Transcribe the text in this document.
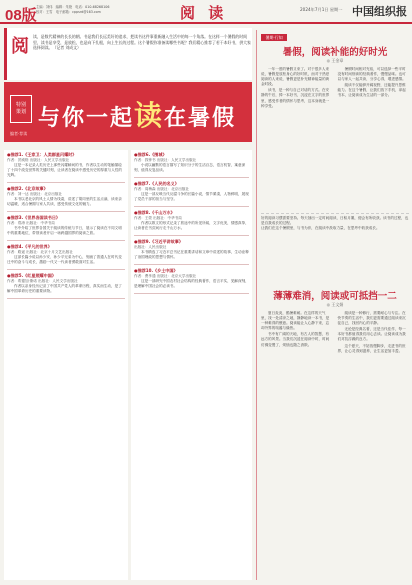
08版 主编：刘伟   编辑：朱艳   电话：010-68268106
校对：王雪   电子邮箱：cppsrd@163.com	阅 读	2024年7月1日 星期一 中国组织报
阅 读，是数代精神的长长的朝。书是我们长远美好的追求，把读书这件事重新融入生活中的每一个角落。在这样一个暑假的时间里，读书是享受，是放松，也是向下扎根，向上生长的过程。这个暑假你准备读哪些书呢？我们精心推荐了若干本好书，供大家选择阅读。（记者 刘成文）
特别
策划 与你一起读在暑假
编者·荐读
●推荐1.《王家卫：人类群星闪耀时》
作者：茨威格 出版社：人民文学出版社
这是一本记录人类历史上那些闪耀瞬间的书，作者以生动的笔触描绘了十四个改变世界的关键时刻，让读者在阅读中感受历史的厚重与人性的光辉。
●推荐2.《北京故事》
作者：刘一达 出版社：北京出版社
本书以老北京的风土人情为线索，讲述了胡同里的生活点滴，读来亲切温暖，适合暑期与家人共读，感受传统文化的魅力。
●推荐3.《世界各国读书日》
作者：郑涛 出版社：中华书局
书中介绍了世界各国关于阅读的传统与节日，展示了阅读在不同文明中的重要地位，带领读者开启一场跨越国界的阅读之旅。
●推荐4.《平凡的世界》
作者：路遥 出版社：北京十月文艺出版社
这部长篇小说以孙少安、孙少平兄弟为中心，刻画了普通人在时代变迁中的奋斗与成长，激励一代又一代读者勇敢面对生活。
●推荐5.《红星照耀中国》
作者：埃德加·斯诺 出版社：人民文学出版社
作者以亲身经历记录了中国共产党人的革命历程，真实而生动，是了解中国革命历史的重要读物。
●推荐6.《围城》
作者：钱钟书 出版社：人民文学出版社
小说以幽默的语言描写了知识分子的生活百态，语言机智，寓意深刻，值得反复品读。
●推荐7.《人民的名义》
作者：周梅森 出版社：北京出版社
这是一部反映当代反腐斗争的长篇小说，情节紧凑，人物鲜明，展现了党员干部的担当与坚守。
●推荐8.《千山万水》
作者：王蒙 出版社：中华书局
作者以散文的形式记录了旅途中的所见所闻，文字优美，情感真挚，让读者在书页间行走千山万水。
●推荐9.《习近平讲故事》
出版社：人民出版社
本书精选了习近平总书记在重要讲话和文章中讲述的故事，生动诠释了治国理政的思想与情怀。
●推荐10.《乡土中国》
作者：费孝通 出版社：北京大学出版社
这是一部研究中国农村社会结构的经典著作，语言平实，见解深刻，是理解中国社会的必读书。
暑期·行知
暑假，阅读补能的好时光
◎ 王金章

一年一度的暑假又来了。对于很多人来说，暑假是放松身心的好时机，而对于热爱阅读的人来说，暑假更是补充精神能量的黄金时段。

读书，是一种与自己对话的方式。在安静的午后，捧一本好书，沉浸在文字的世界里，感受作者的情怀与思考，这本身就是一种享受。

暑假时间相对充裕，可以选择一些平时没有时间细读的经典著作，慢慢品味。也可以与家人一起共读，分享心得，增进感情。

阅读不仅能够开阔视野，还能提升思维能力。在这个暑假，让我们放下手机，拿起书本，让阅读成为生活的一部分。

好的阅读习惯需要坚持。每天抽出一定时间阅读，日积月累，便会有所收获。读书的过程，也是自我成长的过程。

让我们在这个暑假里，与书为伴，在阅读中汲取力量，在思考中收获成长。

薄薄难消，阅读或可抵挡一二
◎ 王文娟

夏日炎炎，酷暑难耐。在这样的天气里，找一处清凉之地，静静地读一本书，是一种难得的惬意。阅读能让人心静下来，忘却外界的喧嚣与燥热。

书中有广阔的天地，有古人的智慧，有远方的风景。当我们沉浸在阅读中时，时间仿佛变慢了，烦恼也随之消散。

阅读是一种修行，需要耐心与专注。在快节奏的生活中，我们更需要通过阅读来沉淀自己，找回内心的平静。

无论是经典名著，还是当代佳作，每一本好书都值得我们用心去读。让阅读成为我们对抗浮躁的良方。

这个夏天，不妨放慢脚步，走进书的世界，让心灵得到滋养，让生活更加丰盈。
